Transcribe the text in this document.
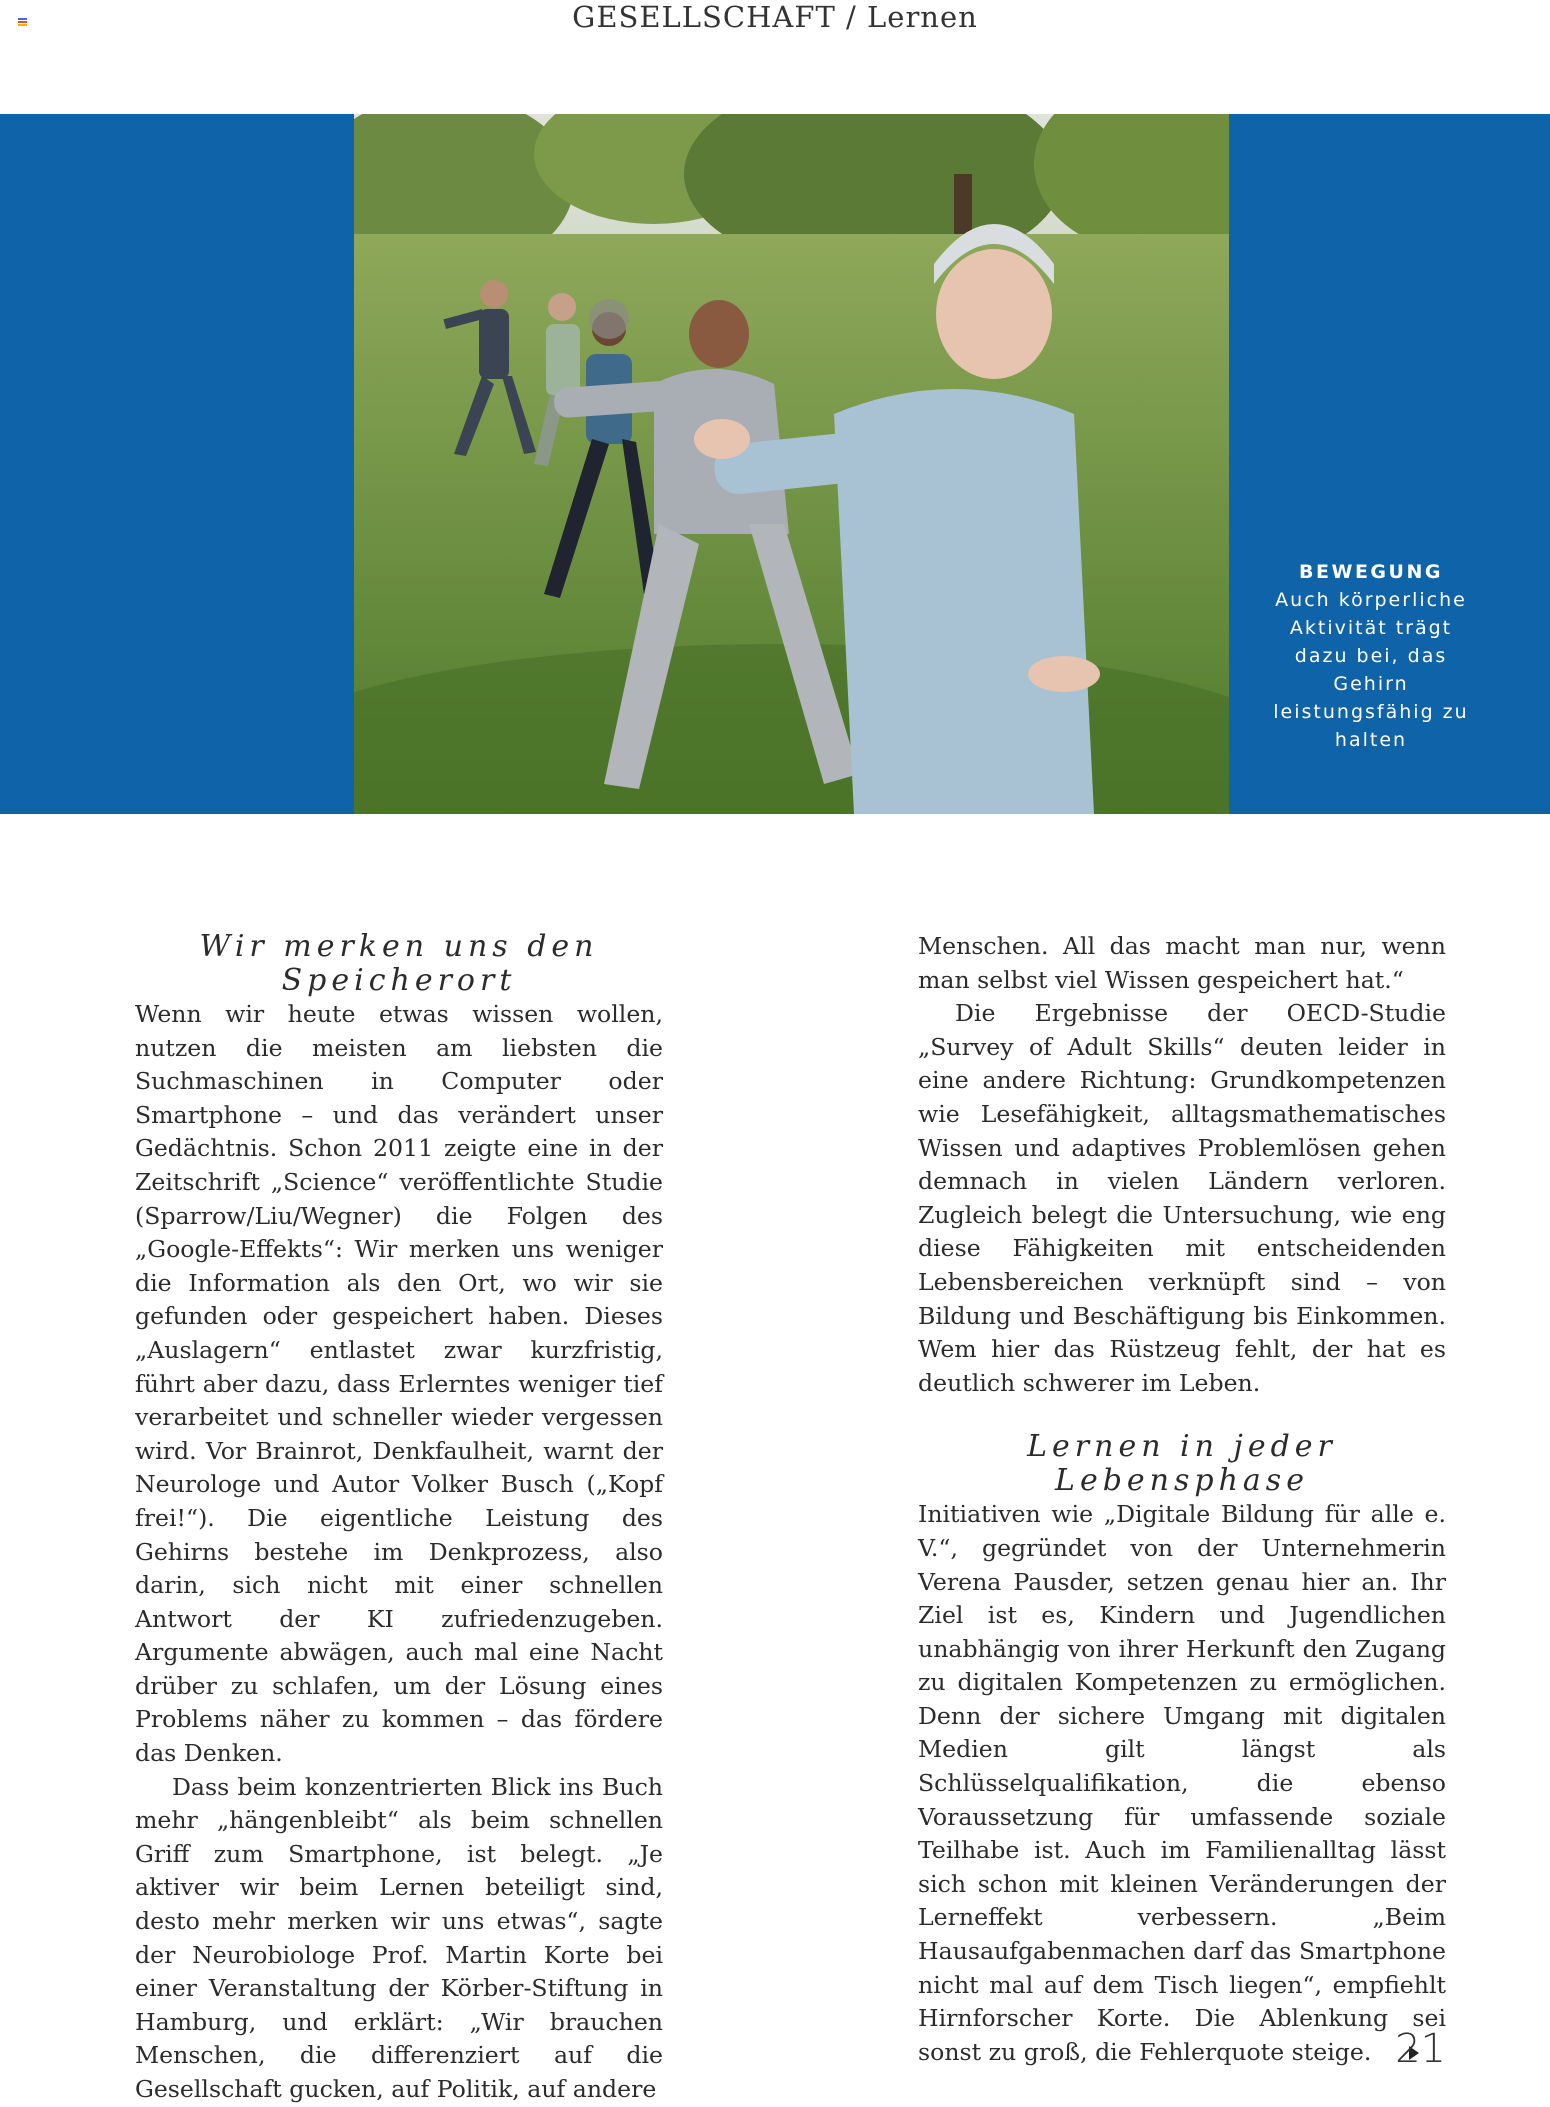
GESELLSCHAFT / Lernen
BEWEGUNG
Auch körperliche Aktivität trägt dazu bei, das Gehirn leistungsfähig zu halten
Wir merken uns den Speicherort

Wenn wir heute etwas wissen wollen, nutzen die meisten am liebsten die Suchmaschinen in Computer oder Smartphone – und das verändert unser Gedächtnis. Schon 2011 zeigte eine in der Zeitschrift „Science“ veröffentlichte Studie (Sparrow/Liu/Wegner) die Folgen des „Google-Effekts“: Wir merken uns weniger die Information als den Ort, wo wir sie gefunden oder gespeichert haben. Dieses „Auslagern“ entlastet zwar kurzfristig, führt aber dazu, dass Erlerntes weniger tief verarbeitet und schneller wieder vergessen wird. Vor Brainrot, Denkfaulheit, warnt der Neurologe und Autor Volker Busch („Kopf frei!“). Die eigentliche Leistung des Gehirns bestehe im Denkprozess, also darin, sich nicht mit einer schnellen Antwort der KI zufriedenzugeben. Argumente abwägen, auch mal eine Nacht drüber zu schlafen, um der Lösung eines Problems näher zu kommen – das fördere das Denken.

Dass beim konzentrierten Blick ins Buch mehr „hängenbleibt“ als beim schnellen Griff zum Smartphone, ist belegt. „Je aktiver wir beim Lernen beteiligt sind, desto mehr merken wir uns etwas“, sagte der Neurobiologe Prof. Martin Korte bei einer Veranstaltung der Körber-Stiftung in Hamburg, und erklärt: „Wir brauchen Menschen, die differenziert auf die Gesellschaft gucken, auf Politik, auf andere

Menschen. All das macht man nur, wenn man selbst viel Wissen gespeichert hat.“

Die Ergebnisse der OECD-Studie „Survey of Adult Skills“ deuten leider in eine andere Richtung: Grundkompetenzen wie Lesefähigkeit, alltagsmathematisches Wissen und adaptives Problemlösen gehen demnach in vielen Ländern verloren. Zugleich belegt die Untersuchung, wie eng diese Fähigkeiten mit entscheidenden Lebensbereichen verknüpft sind – von Bildung und Beschäftigung bis Einkommen. Wem hier das Rüstzeug fehlt, der hat es deutlich schwerer im Leben.

Lernen in jeder Lebensphase

Initiativen wie „Digitale Bildung für alle e. V.“, gegründet von der Unternehmerin Verena Pausder, setzen genau hier an. Ihr Ziel ist es, Kindern und Jugendlichen unabhängig von ihrer Herkunft den Zugang zu digitalen Kompetenzen zu ermöglichen. Denn der sichere Umgang mit digitalen Medien gilt längst als Schlüsselqualifikation, die ebenso Voraussetzung für umfassende soziale Teilhabe ist. Auch im Familienalltag lässt sich schon mit kleinen Veränderungen der Lerneffekt verbessern. „Beim Hausaufgabenmachen darf das Smartphone nicht mal auf dem Tisch liegen“, empfiehlt Hirnforscher Korte. Die Ablenkung sei sonst zu groß, die Fehlerquote steige. 21
